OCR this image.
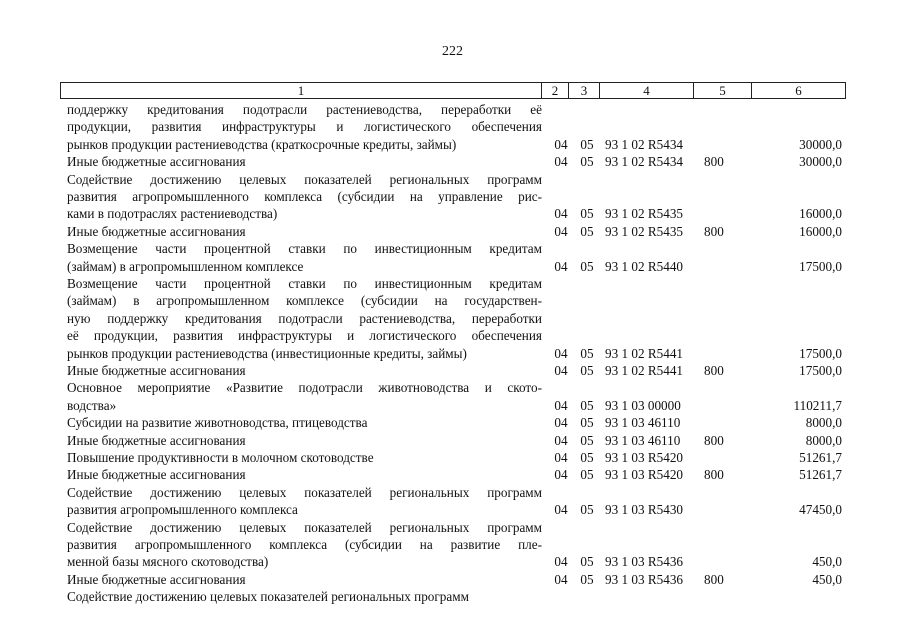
222
1	2	3	4	5	6
поддержку кредитования подотрасли растениеводства, переработки её
продукции, развития инфраструктуры и логистического обеспечения
рынков продукции растениеводства (краткосрочные кредиты, займы)	04 05 93 1 02 R5434	30000,0
Иные бюджетные ассигнования	04 05 93 1 02 R5434	800	30000,0
Содействие достижению целевых показателей региональных программ
развития агропромышленного комплекса (субсидии на управление рис-
ками в подотраслях растениеводства)	04 05 93 1 02 R5435	16000,0
Иные бюджетные ассигнования	04 05 93 1 02 R5435	800	16000,0
Возмещение части процентной ставки по инвестиционным кредитам
(займам) в агропромышленном комплексе	04 05 93 1 02 R5440	17500,0
Возмещение части процентной ставки по инвестиционным кредитам
(займам) в агропромышленном комплексе (субсидии на государствен-
ную поддержку кредитования подотрасли растениеводства, переработки
её продукции, развития инфраструктуры и логистического обеспечения
рынков продукции растениеводства (инвестиционные кредиты, займы)	04 05 93 1 02 R5441	17500,0
Иные бюджетные ассигнования	04 05 93 1 02 R5441	800	17500,0
Основное мероприятие «Развитие подотрасли животноводства и ското-
водства»	04 05 93 1 03 00000	110211,7
Субсидии на развитие животноводства, птицеводства	04 05 93 1 03 46110	8000,0
Иные бюджетные ассигнования	04 05 93 1 03 46110	800	8000,0
Повышение продуктивности в молочном скотоводстве	04 05 93 1 03 R5420	51261,7
Иные бюджетные ассигнования	04 05 93 1 03 R5420	800	51261,7
Содействие достижению целевых показателей региональных программ
развития агропромышленного комплекса	04 05 93 1 03 R5430	47450,0
Содействие достижению целевых показателей региональных программ
развития агропромышленного комплекса (субсидии на развитие пле-
менной базы мясного скотоводства)	04 05 93 1 03 R5436	450,0
Иные бюджетные ассигнования	04 05 93 1 03 R5436	800	450,0
Содействие достижению целевых показателей региональных программ
